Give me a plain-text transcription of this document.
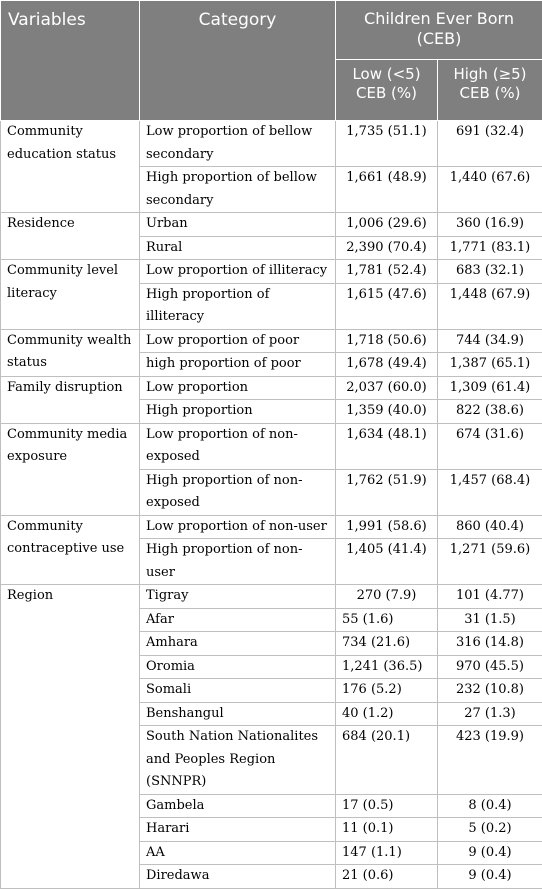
Variables	Category	Children Ever Born (CEB)	
		Low (<5) CEB (%)	High (≥5) CEB (%)
Community education status	Low proportion of bellow secondary	1,735 (51.1)	691 (32.4)
	High proportion of bellow secondary	1,661 (48.9)	1,440 (67.6)
Residence	Urban	1,006 (29.6)	360 (16.9)
	Rural	2,390 (70.4)	1,771 (83.1)
Community level literacy	Low proportion of illiteracy	1,781 (52.4)	683 (32.1)
	High proportion of illiteracy	1,615 (47.6)	1,448 (67.9)
Community wealth status	Low proportion of poor	1,718 (50.6)	744 (34.9)
	high proportion of poor	1,678 (49.4)	1,387 (65.1)
Family disruption	Low proportion	2,037 (60.0)	1,309 (61.4)
	High proportion	1,359 (40.0)	822 (38.6)
Community media exposure	Low proportion of non-exposed	1,634 (48.1)	674 (31.6)
	High proportion of non-exposed	1,762 (51.9)	1,457 (68.4)
Community contraceptive use	Low proportion of non-user	1,991 (58.6)	860 (40.4)
	High proportion of non-user	1,405 (41.4)	1,271 (59.6)
Region	Tigray	270 (7.9)	101 (4.77)
	Afar	55 (1.6)	31 (1.5)
	Amhara	734 (21.6)	316 (14.8)
	Oromia	1,241 (36.5)	970 (45.5)
	Somali	176 (5.2)	232 (10.8)
	Benshangul	40 (1.2)	27 (1.3)
	South Nation Nationalites and Peoples Region (SNNPR)	684 (20.1)	423 (19.9)
	Gambela	17 (0.5)	8 (0.4)
	Harari	11 (0.1)	5 (0.2)
	AA	147 (1.1)	9 (0.4)
	Diredawa	21 (0.6)	9 (0.4)
